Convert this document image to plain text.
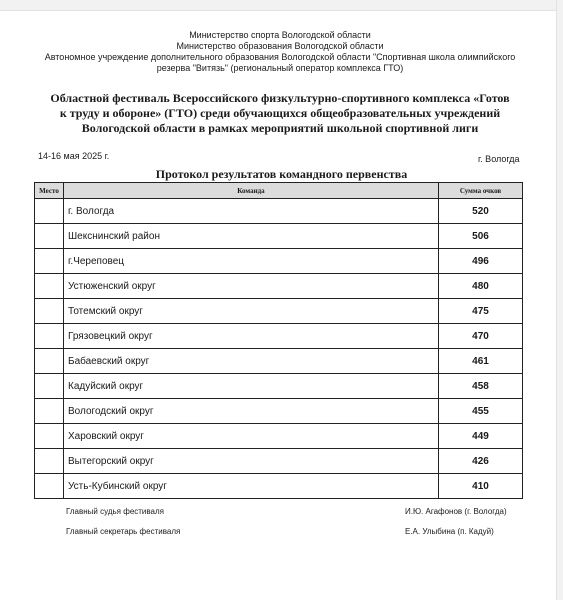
Министерство спорта Вологодской области
Министерство образования Вологодской области
Автономное учреждение дополнительного образования Вологодской области "Спортивная школа олимпийского
резерва "Витязь" (региональный оператор комплекса ГТО)
Областной фестиваль Всероссийского физкультурно-спортивного комплекса «Готов
к труду и обороне» (ГТО) среди обучающихся общеобразовательных учреждений
Вологодской области в рамках мероприятий школьной спортивной лиги
14-16 мая 2025 г.	г. Вологда
Протокол результатов командного первенства
Место	Команда	Сумма очков
	г. Вологда	520
	Шекснинский район	506
	г.Череповец	496
	Устюженский округ	480
	Тотемский округ	475
	Грязовецкий округ	470
	Бабаевский округ	461
	Кадуйский округ	458
	Вологодский округ	455
	Харовский округ	449
	Вытегорский округ	426
	Усть-Кубинский округ	410
Главный судья фестиваля	И.Ю. Агафонов (г. Вологда)
Главный секретарь фестиваля	Е.А. Улыбина (п. Кадуй)
